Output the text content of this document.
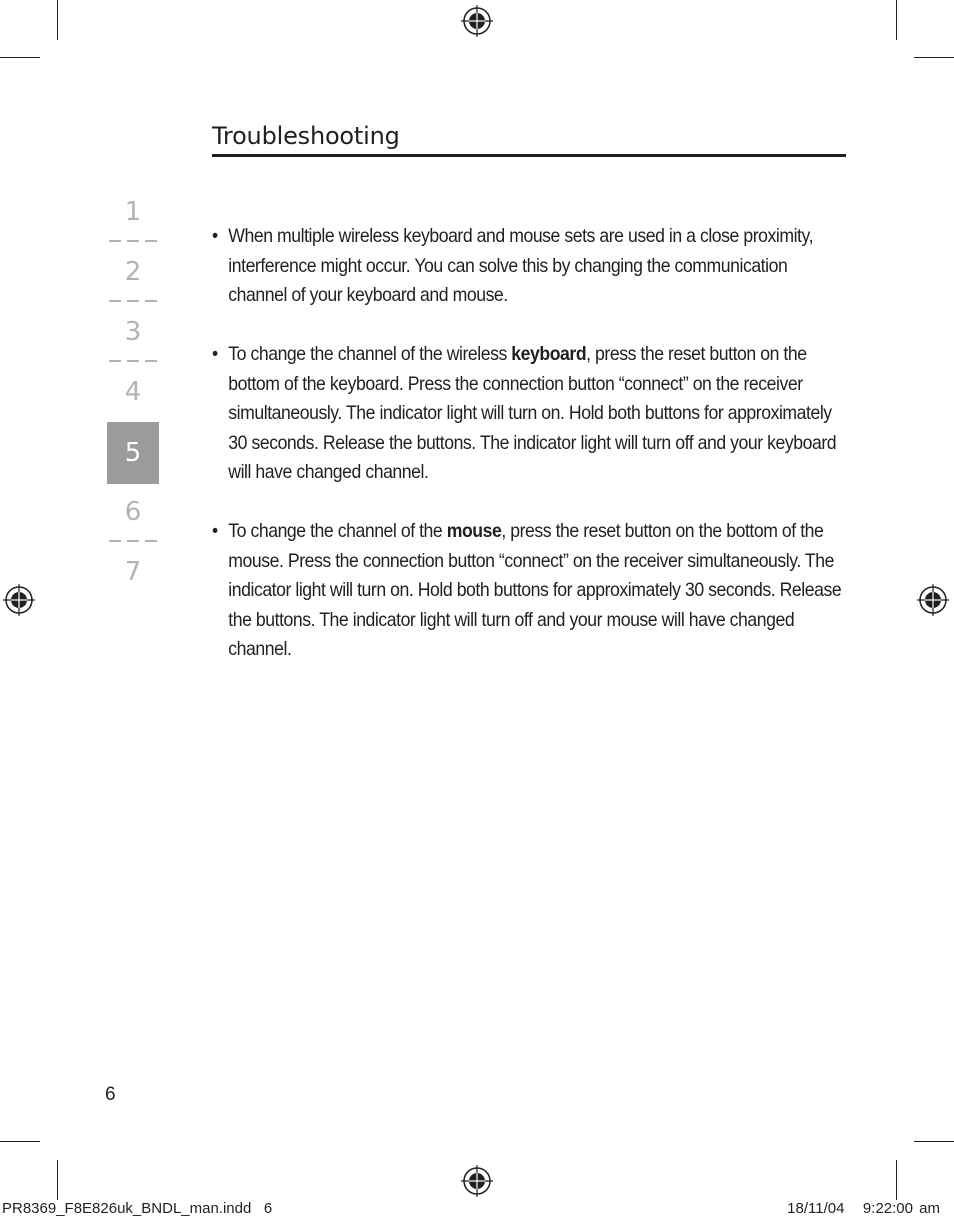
Troubleshooting
1
2
3
4
5
6
7
• When multiple wireless keyboard and mouse sets are used in a close proximity, interference might occur. You can solve this by changing the communication channel of your keyboard and mouse.
• To change the channel of the wireless keyboard, press the reset button on the bottom of the keyboard. Press the connection button “connect” on the receiver simultaneously. The indicator light will turn on. Hold both buttons for approximately 30 seconds. Release the buttons. The indicator light will turn off and your keyboard will have changed channel.
• To change the channel of the mouse, press the reset button on the bottom of the mouse. Press the connection button “connect” on the receiver simultaneously. The indicator light will turn on. Hold both buttons for approximately 30 seconds. Release the buttons. The indicator light will turn off and your mouse will have changed channel.
6
PR8369_F8E826uk_BNDL_man.indd   6	18/11/04   9:22:00 am
